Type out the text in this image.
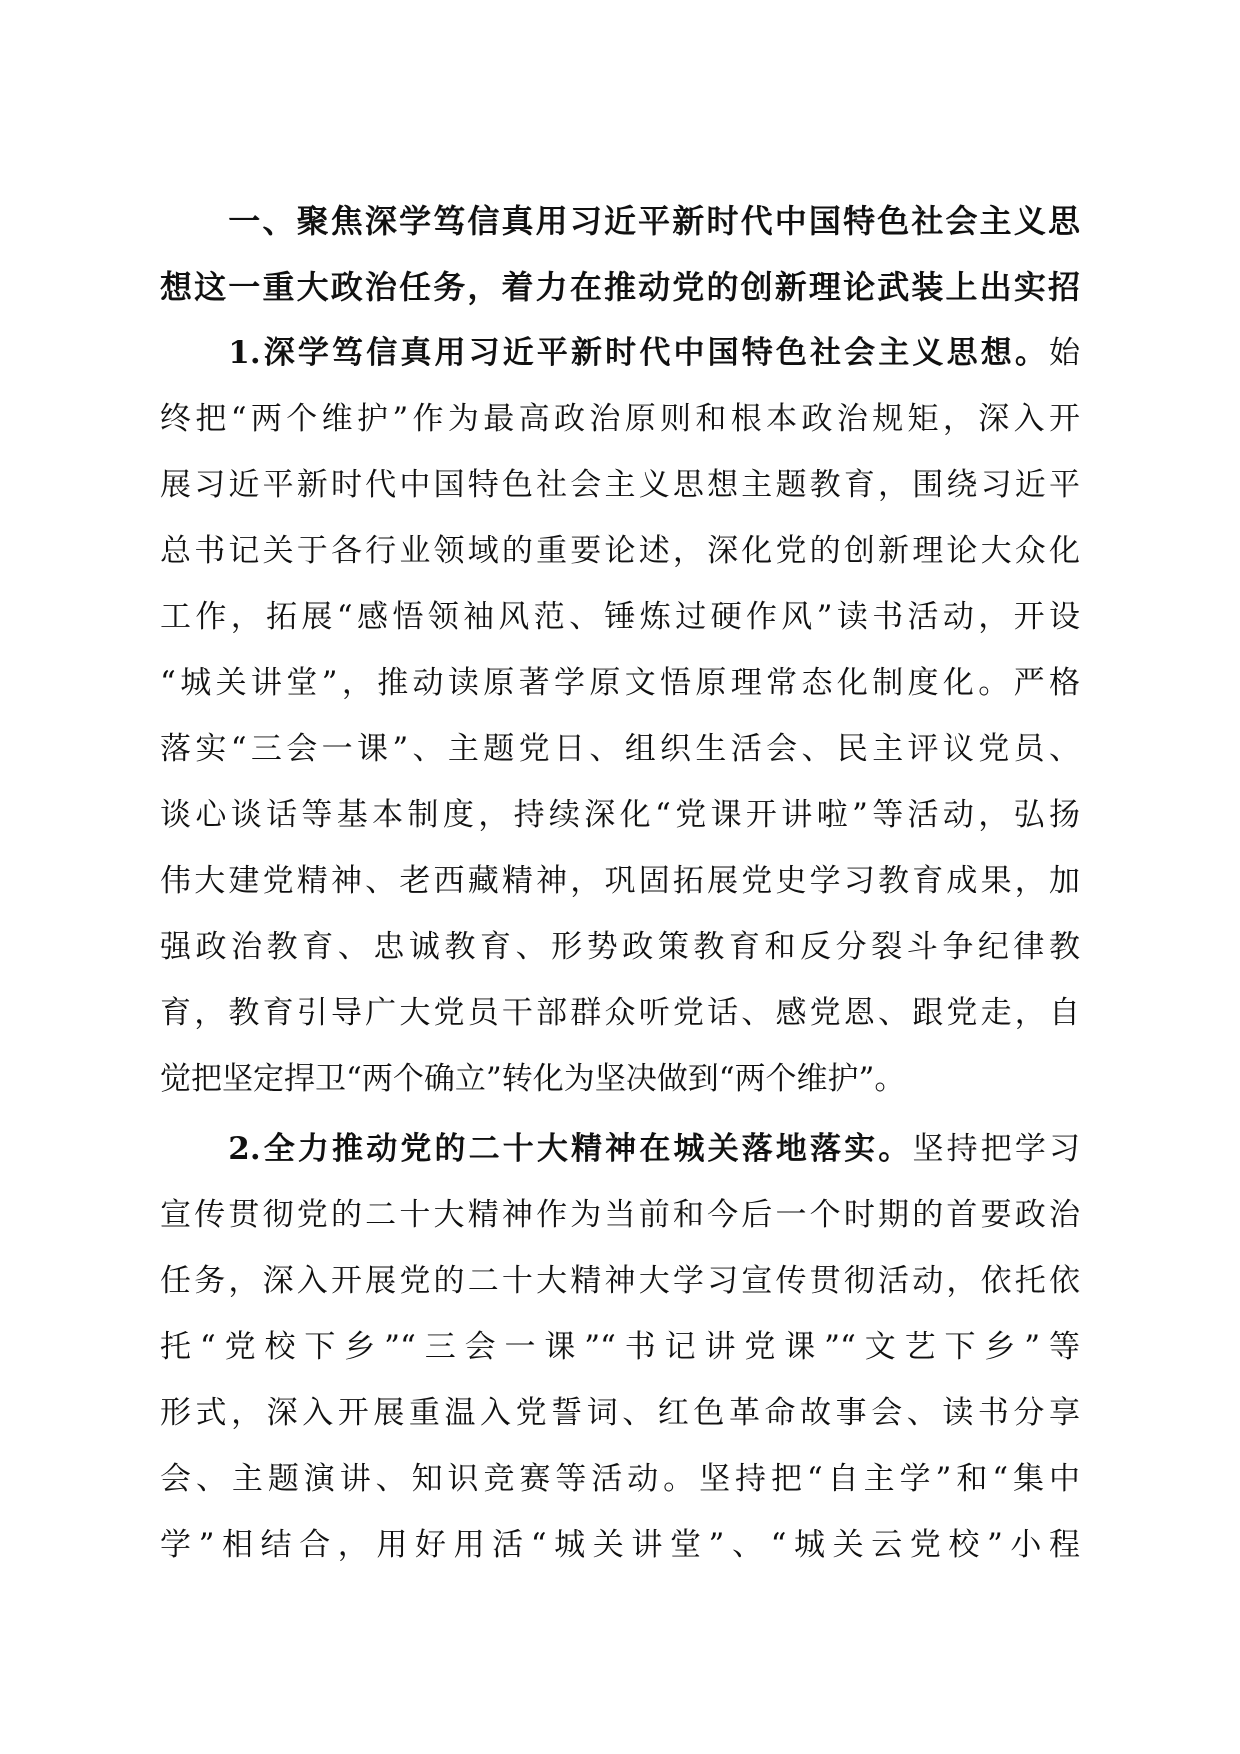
　　一、聚焦深学笃信真用习近平新时代中国特色社会主义思
想这一重大政治任务，着力在推动党的创新理论武装上出实招
　　1.深学笃信真用习近平新时代中国特色社会主义思想。始
终把“两个维护”作为最高政治原则和根本政治规矩，深入开
展习近平新时代中国特色社会主义思想主题教育，围绕习近平
总书记关于各行业领域的重要论述，深化党的创新理论大众化
工作，拓展“感悟领袖风范、锤炼过硬作风”读书活动，开设
“城关讲堂”，推动读原著学原文悟原理常态化制度化。严格
落实“三会一课”、主题党日、组织生活会、民主评议党员、
谈心谈话等基本制度，持续深化“党课开讲啦”等活动，弘扬
伟大建党精神、老西藏精神，巩固拓展党史学习教育成果，加
强政治教育、忠诚教育、形势政策教育和反分裂斗争纪律教
育，教育引导广大党员干部群众听党话、感党恩、跟党走，自
觉把坚定捍卫“两个确立”转化为坚决做到“两个维护”。
　　2.全力推动党的二十大精神在城关落地落实。坚持把学习
宣传贯彻党的二十大精神作为当前和今后一个时期的首要政治
任务，深入开展党的二十大精神大学习宣传贯彻活动，依托依
托“党校下乡”“三会一课”“书记讲党课”“文艺下乡”等
形式，深入开展重温入党誓词、红色革命故事会、读书分享
会、主题演讲、知识竞赛等活动。坚持把“自主学”和“集中
学”相结合，用好用活“城关讲堂”、“城关云党校”小程
